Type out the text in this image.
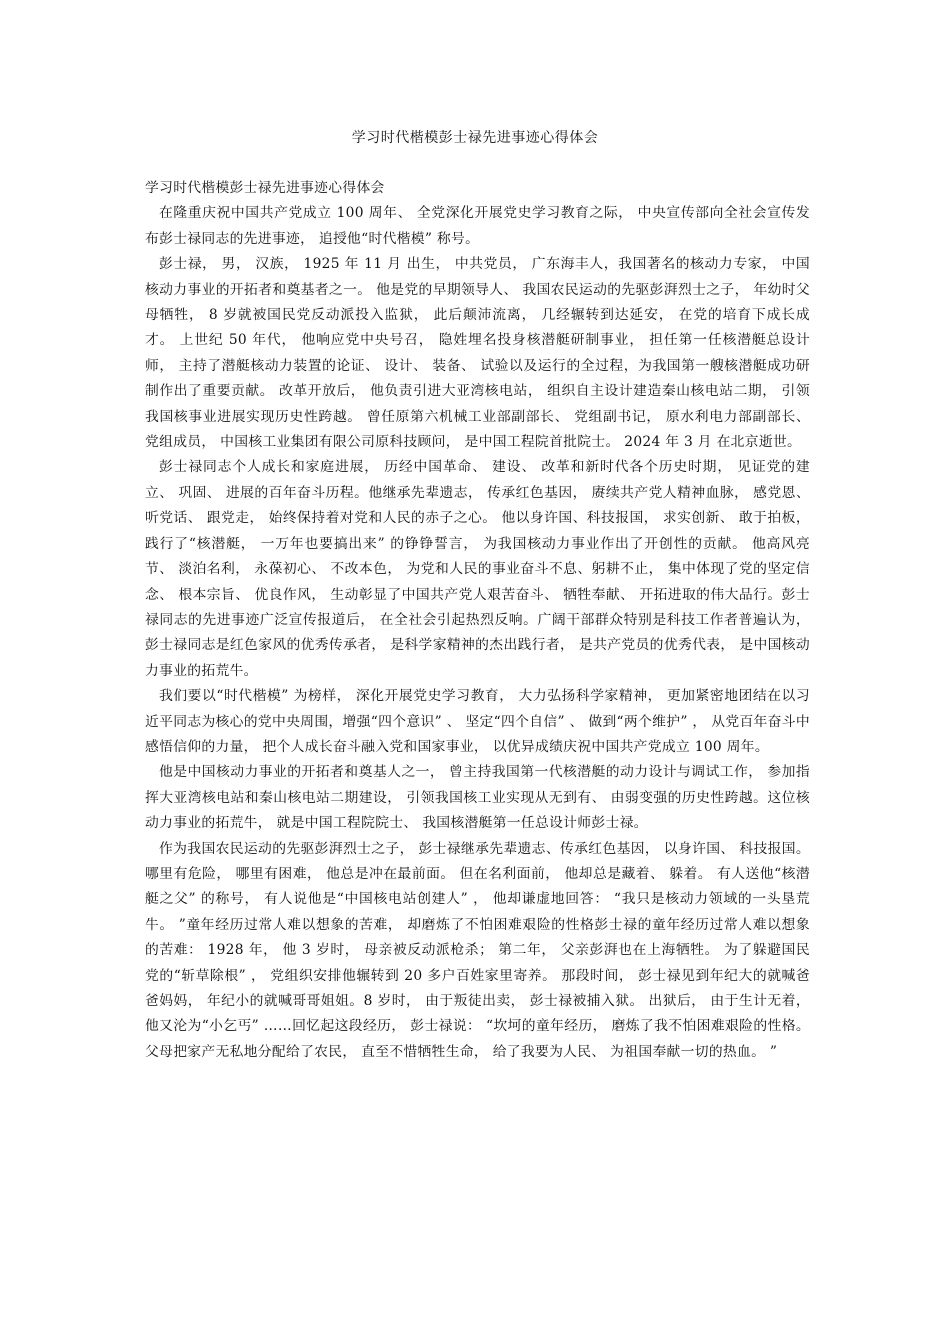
学习时代楷模彭士禄先进事迹心得体会

学习时代楷模彭士禄先进事迹心得体会

在隆重庆祝中国共产党成立 100 周年、 全党深化开展党史学习教育之际， 中央宣传部向全社会宣传发布彭士禄同志的先进事迹， 追授他“时代楷模” 称号。

彭士禄， 男， 汉族， 1925 年 11 月 出生， 中共党员， 广东海丰人，我国著名的核动力专家， 中国核动力事业的开拓者和奠基者之一。 他是党的早期领导人、 我国农民运动的先驱彭湃烈士之子， 年幼时父母牺牲， 8 岁就被国民党反动派投入监狱， 此后颠沛流离， 几经辗转到达延安， 在党的培育下成长成才。 上世纪 50 年代， 他响应党中央号召， 隐姓埋名投身核潜艇研制事业， 担任第一任核潜艇总设计师， 主持了潜艇核动力装置的论证、 设计、 装备、 试验以及运行的全过程，为我国第一艘核潜艇成功研制作出了重要贡献。 改革开放后， 他负责引进大亚湾核电站， 组织自主设计建造秦山核电站二期， 引领我国核事业进展实现历史性跨越。 曾任原第六机械工业部副部长、 党组副书记， 原水利电力部副部长、 党组成员， 中国核工业集团有限公司原科技顾问， 是中国工程院首批院士。 2024 年 3 月 在北京逝世。

彭士禄同志个人成长和家庭进展， 历经中国革命、 建设、 改革和新时代各个历史时期， 见证党的建立、 巩固、 进展的百年奋斗历程。他继承先辈遗志， 传承红色基因， 赓续共产党人精神血脉， 感党恩、听党话、 跟党走， 始终保持着对党和人民的赤子之心。 他以身许国、科技报国， 求实创新、 敢于拍板， 践行了“核潜艇， 一万年也要搞出来” 的铮铮誓言， 为我国核动力事业作出了开创性的贡献。 他高风亮节、 淡泊名利， 永葆初心、 不改本色， 为党和人民的事业奋斗不息、躬耕不止， 集中体现了党的坚定信念、 根本宗旨、 优良作风， 生动彰显了中国共产党人艰苦奋斗、 牺牲奉献、 开拓进取的伟大品行。彭士禄同志的先进事迹广泛宣传报道后， 在全社会引起热烈反响。广阔干部群众特别是科技工作者普遍认为， 彭士禄同志是红色家风的优秀传承者， 是科学家精神的杰出践行者， 是共产党员的优秀代表， 是中国核动力事业的拓荒牛。

我们要以“时代楷模” 为榜样， 深化开展党史学习教育， 大力弘扬科学家精神， 更加紧密地团结在以习近平同志为核心的党中央周围，增强“四个意识” 、 坚定“四个自信” 、 做到“两个维护” ， 从党百年奋斗中感悟信仰的力量， 把个人成长奋斗融入党和国家事业， 以优异成绩庆祝中国共产党成立 100 周年。

他是中国核动力事业的开拓者和奠基人之一， 曾主持我国第一代核潜艇的动力设计与调试工作， 参加指挥大亚湾核电站和秦山核电站二期建设， 引领我国核工业实现从无到有、 由弱变强的历史性跨越。这位核动力事业的拓荒牛， 就是中国工程院院士、 我国核潜艇第一任总设计师彭士禄。

作为我国农民运动的先驱彭湃烈士之子， 彭士禄继承先辈遗志、传承红色基因， 以身许国、 科技报国。 哪里有危险， 哪里有困难， 他总是冲在最前面。 但在名利面前， 他却总是藏着、 躲着。 有人送他“核潜艇之父” 的称号， 有人说他是“中国核电站创建人” ， 他却谦虚地回答： “我只是核动力领域的一头垦荒牛。 ”童年经历过常人难以想象的苦难， 却磨炼了不怕困难艰险的性格彭士禄的童年经历过常人难以想象的苦难： 1928 年， 他 3 岁时， 母亲被反动派枪杀； 第二年， 父亲彭湃也在上海牺牲。 为了躲避国民党的“斩草除根” ， 党组织安排他辗转到 20 多户百姓家里寄养。 那段时间， 彭士禄见到年纪大的就喊爸爸妈妈， 年纪小的就喊哥哥姐姐。8 岁时， 由于叛徒出卖， 彭士禄被捕入狱。 出狱后， 由于生计无着， 他又沦为“小乞丐” ……回忆起这段经历， 彭士禄说： “坎坷的童年经历， 磨炼了我不怕困难艰险的性格。 父母把家产无私地分配给了农民， 直至不惜牺牲生命， 给了我要为人民、 为祖国奉献一切的热血。 ”
